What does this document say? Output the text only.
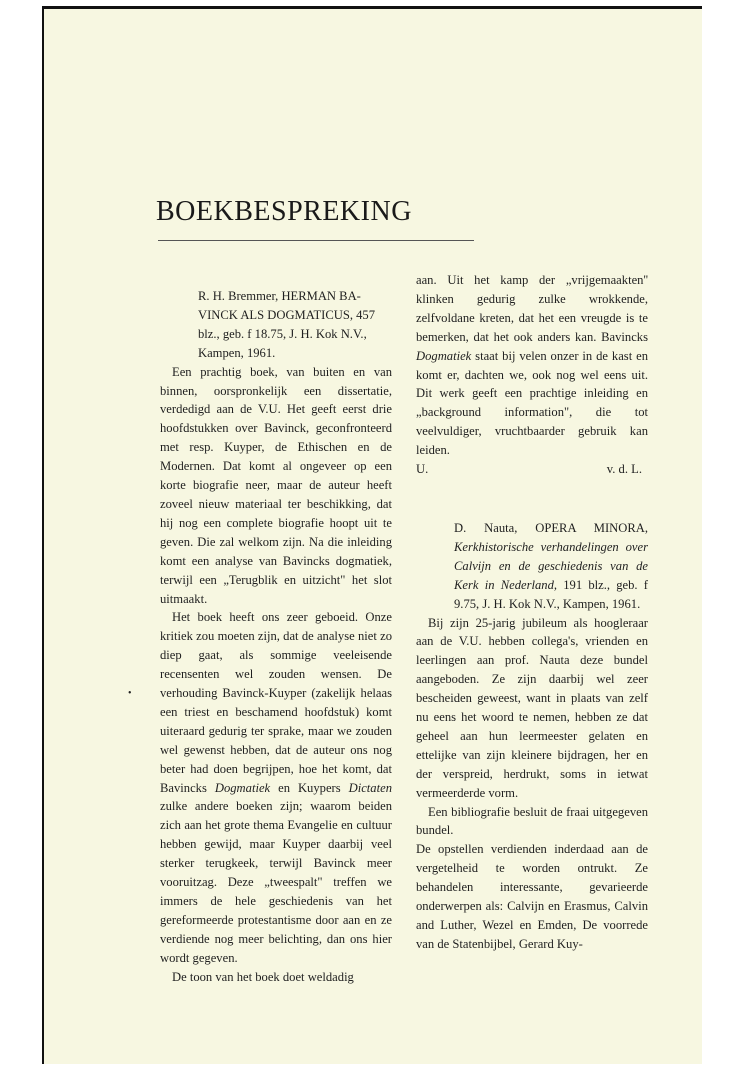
BOEKBESPREKING
•

R. H. Bremmer, HERMAN BA-
VINCK ALS DOGMATICUS, 457
blz., geb. f 18.75, J. H. Kok N.V.,
Kampen, 1961.

Een prachtig boek, van buiten en van binnen, oorspronkelijk een dissertatie, verdedigd aan de V.U. Het geeft eerst drie hoofdstukken over Bavinck, geconfronteerd met resp. Kuyper, de Ethischen en de Modernen. Dat komt al ongeveer op een korte biografie neer, maar de auteur heeft zoveel nieuw materiaal ter beschikking, dat hij nog een complete biografie hoopt uit te geven. Die zal welkom zijn. Na die inleiding komt een analyse van Bavincks dogmatiek, terwijl een „Terugblik en uitzicht" het slot uitmaakt.

Het boek heeft ons zeer geboeid. Onze kritiek zou moeten zijn, dat de analyse niet zo diep gaat, als sommige veeleisende recensenten wel zouden wensen. De verhouding Bavinck-Kuyper (zakelijk helaas een triest en beschamend hoofdstuk) komt uiteraard gedurig ter sprake, maar we zouden wel gewenst hebben, dat de auteur ons nog beter had doen begrijpen, hoe het komt, dat Bavincks Dogmatiek en Kuypers Dictaten zulke andere boeken zijn; waarom beiden zich aan het grote thema Evangelie en cultuur hebben gewijd, maar Kuyper daarbij veel sterker terugkeek, terwijl Bavinck meer vooruitzag. Deze „tweespalt" treffen we immers de hele geschiedenis van het gereformeerde protestantisme door aan en ze verdiende nog meer belichting, dan ons hier wordt gegeven.

De toon van het boek doet weldadig

aan. Uit het kamp der „vrijgemaakten'' klinken gedurig zulke wrokkende, zelfvoldane kreten, dat het een vreugde is te bemerken, dat het ook anders kan. Bavincks Dogmatiek staat bij velen onzer in de kast en komt er, dachten we, ook nog wel eens uit. Dit werk geeft een prachtige inleiding en „background information", die tot veelvuldiger, vruchtbaarder gebruik kan leiden.

U.	v. d. L.

D. Nauta, OPERA MINORA, Kerkhistorische verhandelingen over Calvijn en de geschiedenis van de Kerk in Nederland, 191 blz., geb. f 9.75, J. H. Kok N.V., Kampen, 1961.

Bij zijn 25-jarig jubileum als hoogleraar aan de V.U. hebben collega's, vrienden en leerlingen aan prof. Nauta deze bundel aangeboden. Ze zijn daarbij wel zeer bescheiden geweest, want in plaats van zelf nu eens het woord te nemen, hebben ze dat geheel aan hun leermeester gelaten en ettelijke van zijn kleinere bijdragen, her en der verspreid, herdrukt, soms in ietwat vermeerderde vorm.

Een bibliografie besluit de fraai uitgegeven bundel.

De opstellen verdienden inderdaad aan de vergetelheid te worden ontrukt. Ze behandelen interessante, gevarieerde onderwerpen als: Calvijn en Erasmus, Calvin and Luther, Wezel en Emden, De voorrede van de Statenbijbel, Gerard Kuy-
